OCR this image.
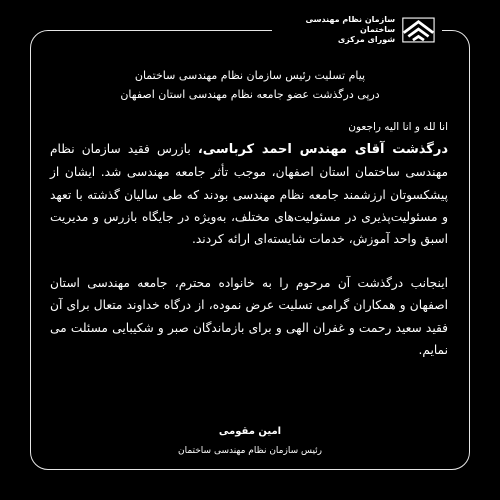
سازمان نظام مهندسی ساختمان
شورای مرکزی
پیام تسلیت رئیس سازمان نظام مهندسی ساختمان
درپی درگذشت عضو جامعه نظام مهندسی استان اصفهان

انا لله و انا الیه راجعون

درگذشت آقای مهندس احمد کرباسی، بازرس فقید سازمان نظام مهندسی ساختمان استان اصفهان، موجب تأثر جامعه مهندسی شد. ایشان از پیشکسوتان ارزشمند جامعه نظام مهندسی بودند که طی سالیان گذشته با تعهد و مسئولیت‌پذیری در مسئولیت‌های مختلف، به‌ویژه در جایگاه بازرس و مدیریت اسبق واحد آموزش، خدمات شایسته‌ای ارائه کردند.

اینجانب درگذشت آن مرحوم را به خانواده محترم، جامعه مهندسی استان اصفهان و همکاران گرامی تسلیت عرض نموده، از درگاه خداوند متعال برای آن فقید سعید رحمت و غفران الهی و برای بازماندگان صبر و شکیبایی مسئلت می نمایم.

امین مقومی
رئیس سازمان نظام مهندسی ساختمان
